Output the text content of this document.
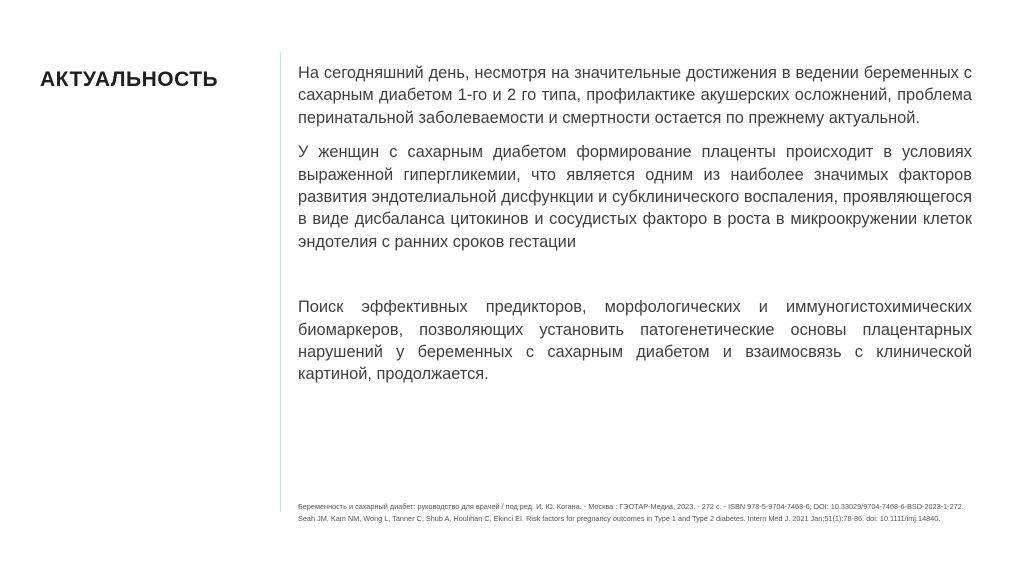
АКТУАЛЬНОСТЬ	На сегодняшний день, несмотря на значительные достижения в ведении беременных с сахарным диабетом 1-го и 2 го типа, профилактике акушерских осложнений, проблема перинатальной заболеваемости и смертности остается по прежнему актуальной.

У женщин с сахарным диабетом формирование плаценты происходит в условиях выраженной гипергликемии, что является одним из наиболее значимых факторов развития эндотелиальной дисфункции и субклинического воспаления, проявляющегося в виде дисбаланса цитокинов и сосудистых факторо в роста в микроокружении клеток эндотелия с ранних сроков гестации

Поиск эффективных предикторов, морфологических и иммуногистохимических биомаркеров, позволяющих установить патогенетические основы плацентарных нарушений у беременных с сахарным диабетом и взаимосвязь с клинической картиной, продолжается.

Беременность и сахарный диабет: руководство для врачей / под ред. И. Ю. Когана. - Москва : ГЭОТАР-Медиа, 2023. - 272 с. - ISBN 978-5-9704-7468-6, DOI: 10.33029/9704-7468-6-BSD-2023-1-272.

Seah JM, Kam NM, Wong L, Tanner C, Shub A, Houlihan C, Ekinci EI. Risk factors for pregnancy outcomes in Type 1 and Type 2 diabetes. Intern Med J. 2021 Jan;51(1):78-86. doi: 10.1111/imj.14840.
